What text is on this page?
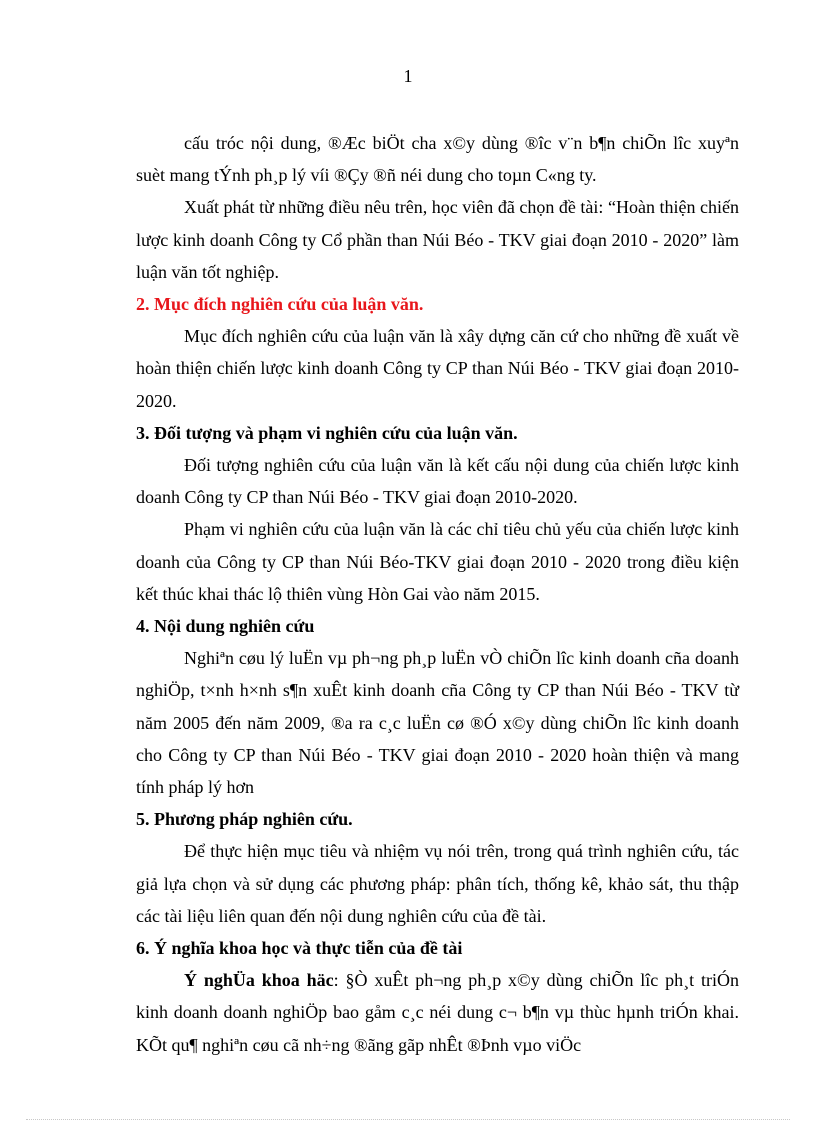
1

cấu tróc nội dung, ®Æc biÖt cha x©y dùng ®îc v¨n b¶n chiÕn lîc xuyªn suèt mang tÝnh ph¸p lý víi ®Çy ®ñ néi dung cho toµn C«ng ty.

Xuất phát từ những điều nêu trên, học viên đã chọn đề tài: “Hoàn thiện chiến lược kinh doanh Công ty Cổ phần than Núi Béo - TKV giai đoạn 2010 - 2020” làm luận văn tốt nghiệp.

2. Mục đích nghiên cứu của luận văn.

Mục đích nghiên cứu của luận văn là xây dựng căn cứ cho những đề xuất về hoàn thiện chiến lược kinh doanh Công ty CP than Núi Béo - TKV giai đoạn 2010-2020.

3. Đối tượng và phạm vi nghiên cứu của luận văn.

Đối tượng nghiên cứu của luận văn là kết cấu nội dung của chiến lược kinh doanh Công ty CP than Núi Béo - TKV giai đoạn 2010-2020.

Phạm vi nghiên cứu của luận văn là các chỉ tiêu chủ yếu của chiến lược kinh doanh của Công ty CP than Núi Béo-TKV giai đoạn 2010 - 2020 trong điều kiện kết thúc khai thác lộ thiên vùng Hòn Gai vào năm 2015.

4. Nội dung nghiên cứu

Nghiªn cøu lý luËn vµ ph¬ng ph¸p luËn vÒ chiÕn lîc kinh doanh cña doanh nghiÖp, t×nh h×nh s¶n xuÊt kinh doanh cña Công ty CP than Núi Béo - TKV từ năm 2005 đến năm 2009, ®a ra c¸c luËn cø ®Ó x©y dùng chiÕn lîc kinh doanh cho Công ty CP than Núi Béo - TKV giai đoạn 2010 - 2020 hoàn thiện và mang tính pháp lý hơn

5. Phương pháp nghiên cứu.

Để thực hiện mục tiêu và nhiệm vụ nói trên, trong quá trình nghiên cứu, tác giả lựa chọn và sử dụng các phương pháp: phân tích, thống kê, khảo sát, thu thập các tài liệu liên quan đến nội dung nghiên cứu của đề tài.

6. Ý nghĩa khoa học và thực tiễn của đề tài

Ý nghÜa khoa häc: §Ò xuÊt ph¬ng ph¸p x©y dùng chiÕn lîc ph¸t triÓn kinh doanh doanh nghiÖp bao gåm c¸c néi dung c¬ b¶n vµ thùc hµnh triÓn khai. KÕt qu¶ nghiªn cøu cã nh÷ng ®ãng gãp nhÊt ®Þnh vµo viÖc
